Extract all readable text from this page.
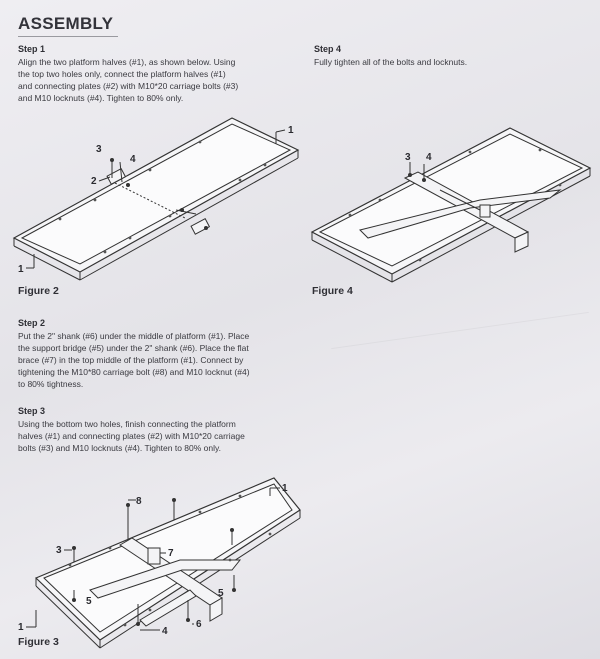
ASSEMBLY
Step 1
Align the two platform halves (#1), as shown below. Using
the top two holes only, connect the platform halves (#1)
and connecting plates (#2) with M10*20 carriage bolts (#3)
and M10 locknuts (#4). Tighten to 80% only.
Step 4
Fully tighten all of the bolts and locknuts.
Step 2
Put the 2" shank (#6) under the middle of platform (#1). Place
the support bridge (#5) under the 2" shank (#6). Place the flat
brace (#7) in the top middle of the platform (#1). Connect by
tightening the M10*80 carriage bolt (#8) and M10 locknut (#4)
to 80% tightness.
Step 3
Using the bottom two holes, finish connecting the platform
halves (#1) and connecting plates (#2) with M10*20 carriage
bolts (#3) and M10 locknuts (#4). Tighten to 80% only.
Figure 2	Figure 4
Figure 3
3
4
2
1
1
3 4
8
1
3	7
5
5
6
4
1
